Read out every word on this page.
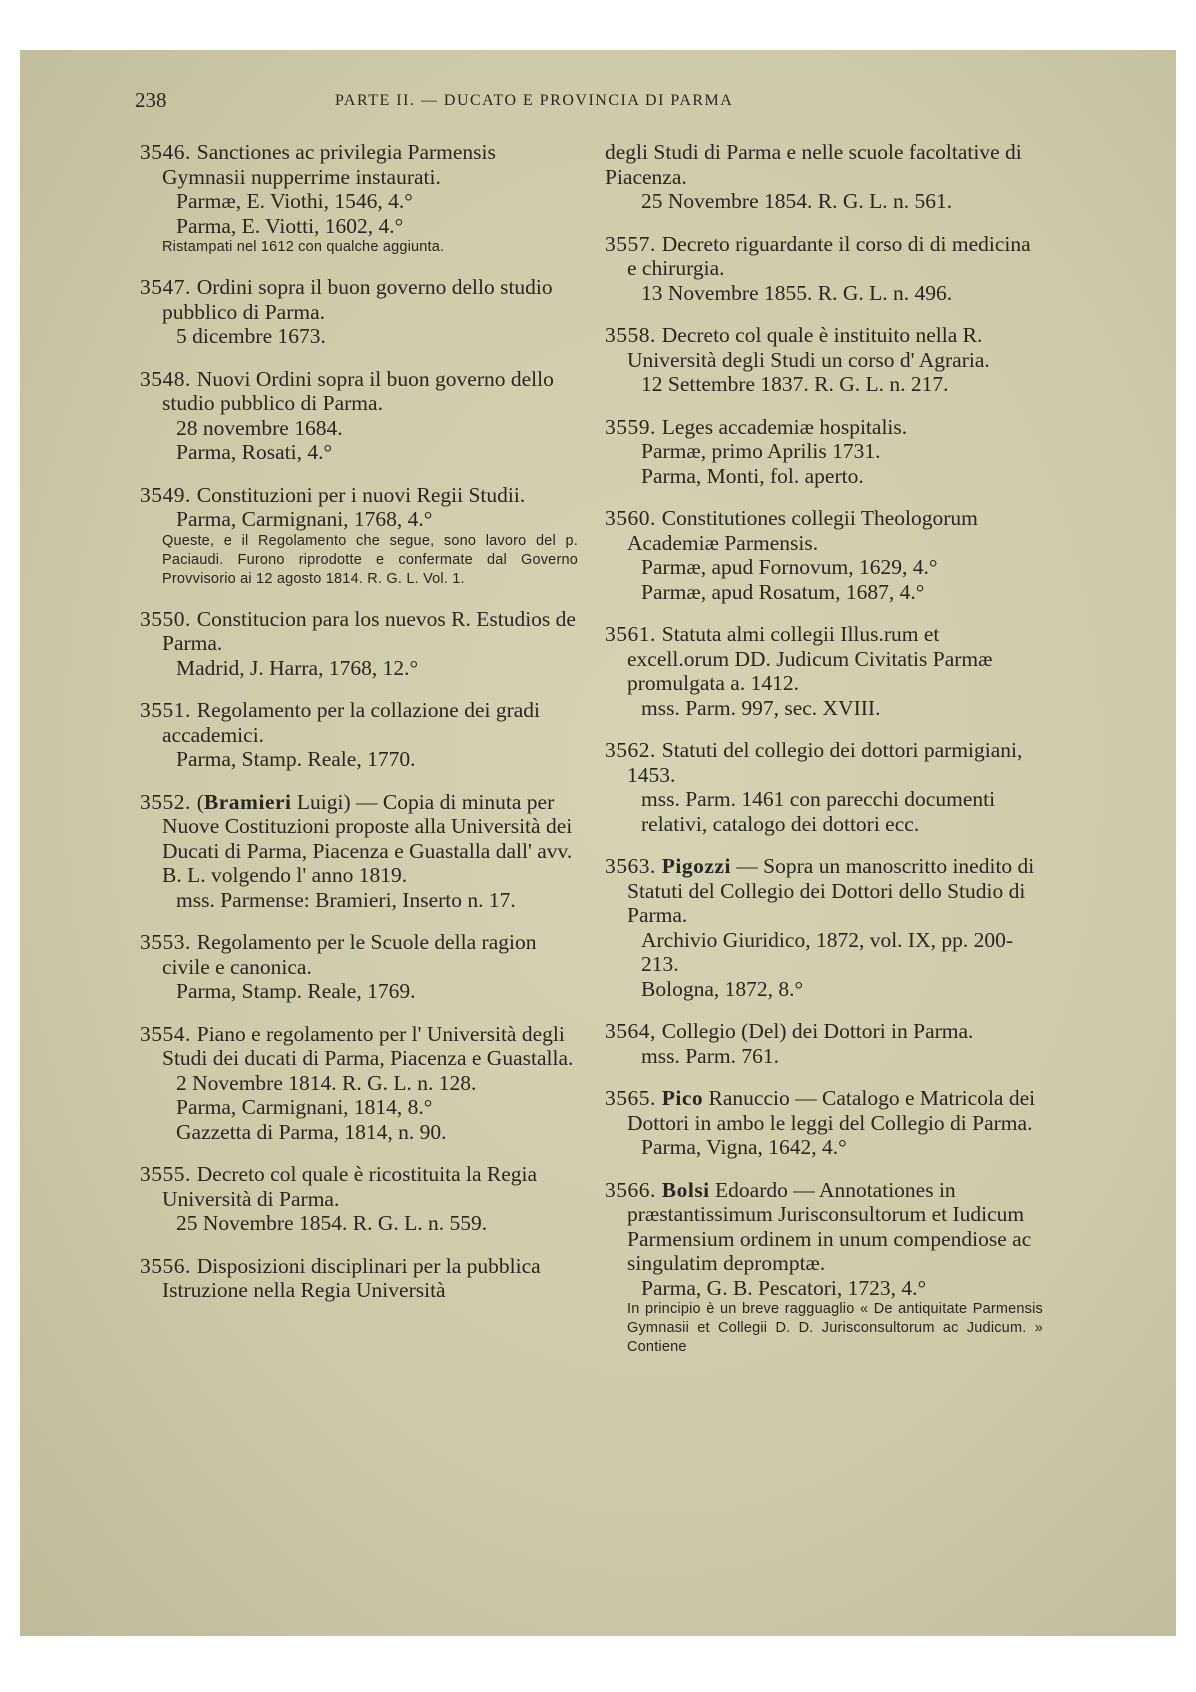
238	PARTE II. — DUCATO E PROVINCIA DI PARMA
3546. Sanctiones ac privilegia Parmensis Gymnasii nupperrime instaurati.
Parmæ, E. Viothi, 1546, 4.°
Parma, E. Viotti, 1602, 4.°
Ristampati nel 1612 con qualche aggiunta.
3547. Ordini sopra il buon governo dello studio pubblico di Parma.
5 dicembre 1673.
3548. Nuovi Ordini sopra il buon governo dello studio pubblico di Parma.
28 novembre 1684.
Parma, Rosati, 4.°
3549. Constituzioni per i nuovi Regii Studii.
Parma, Carmignani, 1768, 4.°
Queste, e il Regolamento che segue, sono lavoro del p. Paciaudi. Furono riprodotte e confermate dal Governo Provvisorio ai 12 agosto 1814. R. G. L. Vol. 1.
3550. Constitucion para los nuevos R. Estudios de Parma.
Madrid, J. Harra, 1768, 12.°
3551. Regolamento per la collazione dei gradi accademici.
Parma, Stamp. Reale, 1770.
3552. (Bramieri Luigi) — Copia di minuta per Nuove Costituzioni proposte alla Università dei Ducati di Parma, Piacenza e Guastalla dall' avv. B. L. volgendo l' anno 1819.
mss. Parmense: Bramieri, Inserto n. 17.
3553. Regolamento per le Scuole della ragion civile e canonica.
Parma, Stamp. Reale, 1769.
3554. Piano e regolamento per l' Università degli Studi dei ducati di Parma, Piacenza e Guastalla.
2 Novembre 1814. R. G. L. n. 128.
Parma, Carmignani, 1814, 8.°
Gazzetta di Parma, 1814, n. 90.
3555. Decreto col quale è ricostituita la Regia Università di Parma.
25 Novembre 1854. R. G. L. n. 559.
3556. Disposizioni disciplinari per la pubblica Istruzione nella Regia Università
degli Studi di Parma e nelle scuole facoltative di Piacenza.
25 Novembre 1854. R. G. L. n. 561.
3557. Decreto riguardante il corso di di medicina e chirurgia.
13 Novembre 1855. R. G. L. n. 496.
3558. Decreto col quale è instituito nella R. Università degli Studi un corso d' Agraria.
12 Settembre 1837. R. G. L. n. 217.
3559. Leges accademiæ hospitalis.
Parmæ, primo Aprilis 1731.
Parma, Monti, fol. aperto.
3560. Constitutiones collegii Theologorum Academiæ Parmensis.
Parmæ, apud Fornovum, 1629, 4.°
Parmæ, apud Rosatum, 1687, 4.°
3561. Statuta almi collegii Illus.rum et excell.orum DD. Judicum Civitatis Parmæ promulgata a. 1412.
mss. Parm. 997, sec. XVIII.
3562. Statuti del collegio dei dottori parmigiani, 1453.
mss. Parm. 1461 con parecchi documenti relativi, catalogo dei dottori ecc.
3563. Pigozzi — Sopra un manoscritto inedito di Statuti del Collegio dei Dottori dello Studio di Parma.
Archivio Giuridico, 1872, vol. IX, pp. 200-213.
Bologna, 1872, 8.°
3564, Collegio (Del) dei Dottori in Parma.
mss. Parm. 761.
3565. Pico Ranuccio — Catalogo e Matricola dei Dottori in ambo le leggi del Collegio di Parma.
Parma, Vigna, 1642, 4.°
3566. Bolsi Edoardo — Annotationes in præstantissimum Jurisconsultorum et Iudicum Parmensium ordinem in unum compendiose ac singulatim depromptæ.
Parma, G. B. Pescatori, 1723, 4.°
In principio è un breve ragguaglio « De antiquitate Parmensis Gymnasii et Collegii D. D. Jurisconsultorum ac Judicum. » Contiene
